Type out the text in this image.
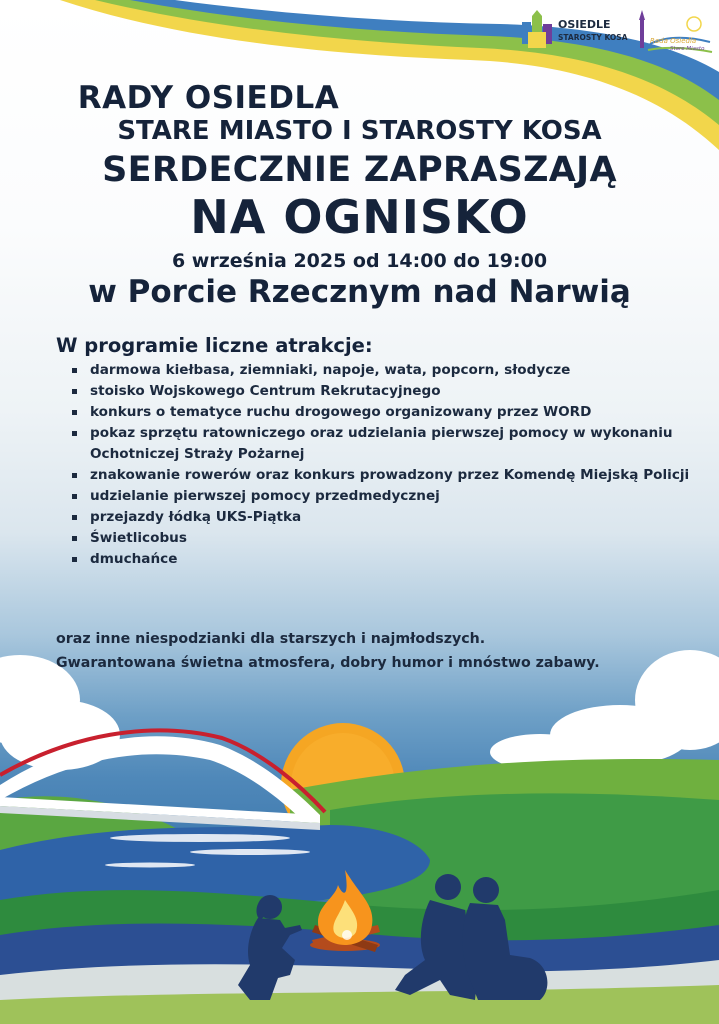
OSIEDLE
STAROSTY KOSA	Rada Osiedla
Stare Miasto
RADY OSIEDLA
STARE MIASTO I STAROSTY KOSA
SERDECZNIE ZAPRASZAJĄ
NA OGNISKO
6 września 2025 od 14:00 do 19:00
w Porcie Rzecznym nad Narwią
W programie liczne atrakcje:
darmowa kiełbasa, ziemniaki, napoje, wata, popcorn, słodycze
stoisko Wojskowego Centrum Rekrutacyjnego
konkurs o tematyce ruchu drogowego organizowany przez WORD
pokaz sprzętu ratowniczego oraz udzielania pierwszej pomocy w wykonaniu Ochotniczej Straży Pożarnej
znakowanie rowerów oraz konkurs prowadzony przez Komendę Miejską Policji
udzielanie pierwszej pomocy przedmedycznej
przejazdy łódką UKS-Piątka
Świetlicobus
dmuchańce
oraz inne niespodzianki dla starszych i najmłodszych.
Gwarantowana świetna atmosfera, dobry humor i mnóstwo zabawy.
